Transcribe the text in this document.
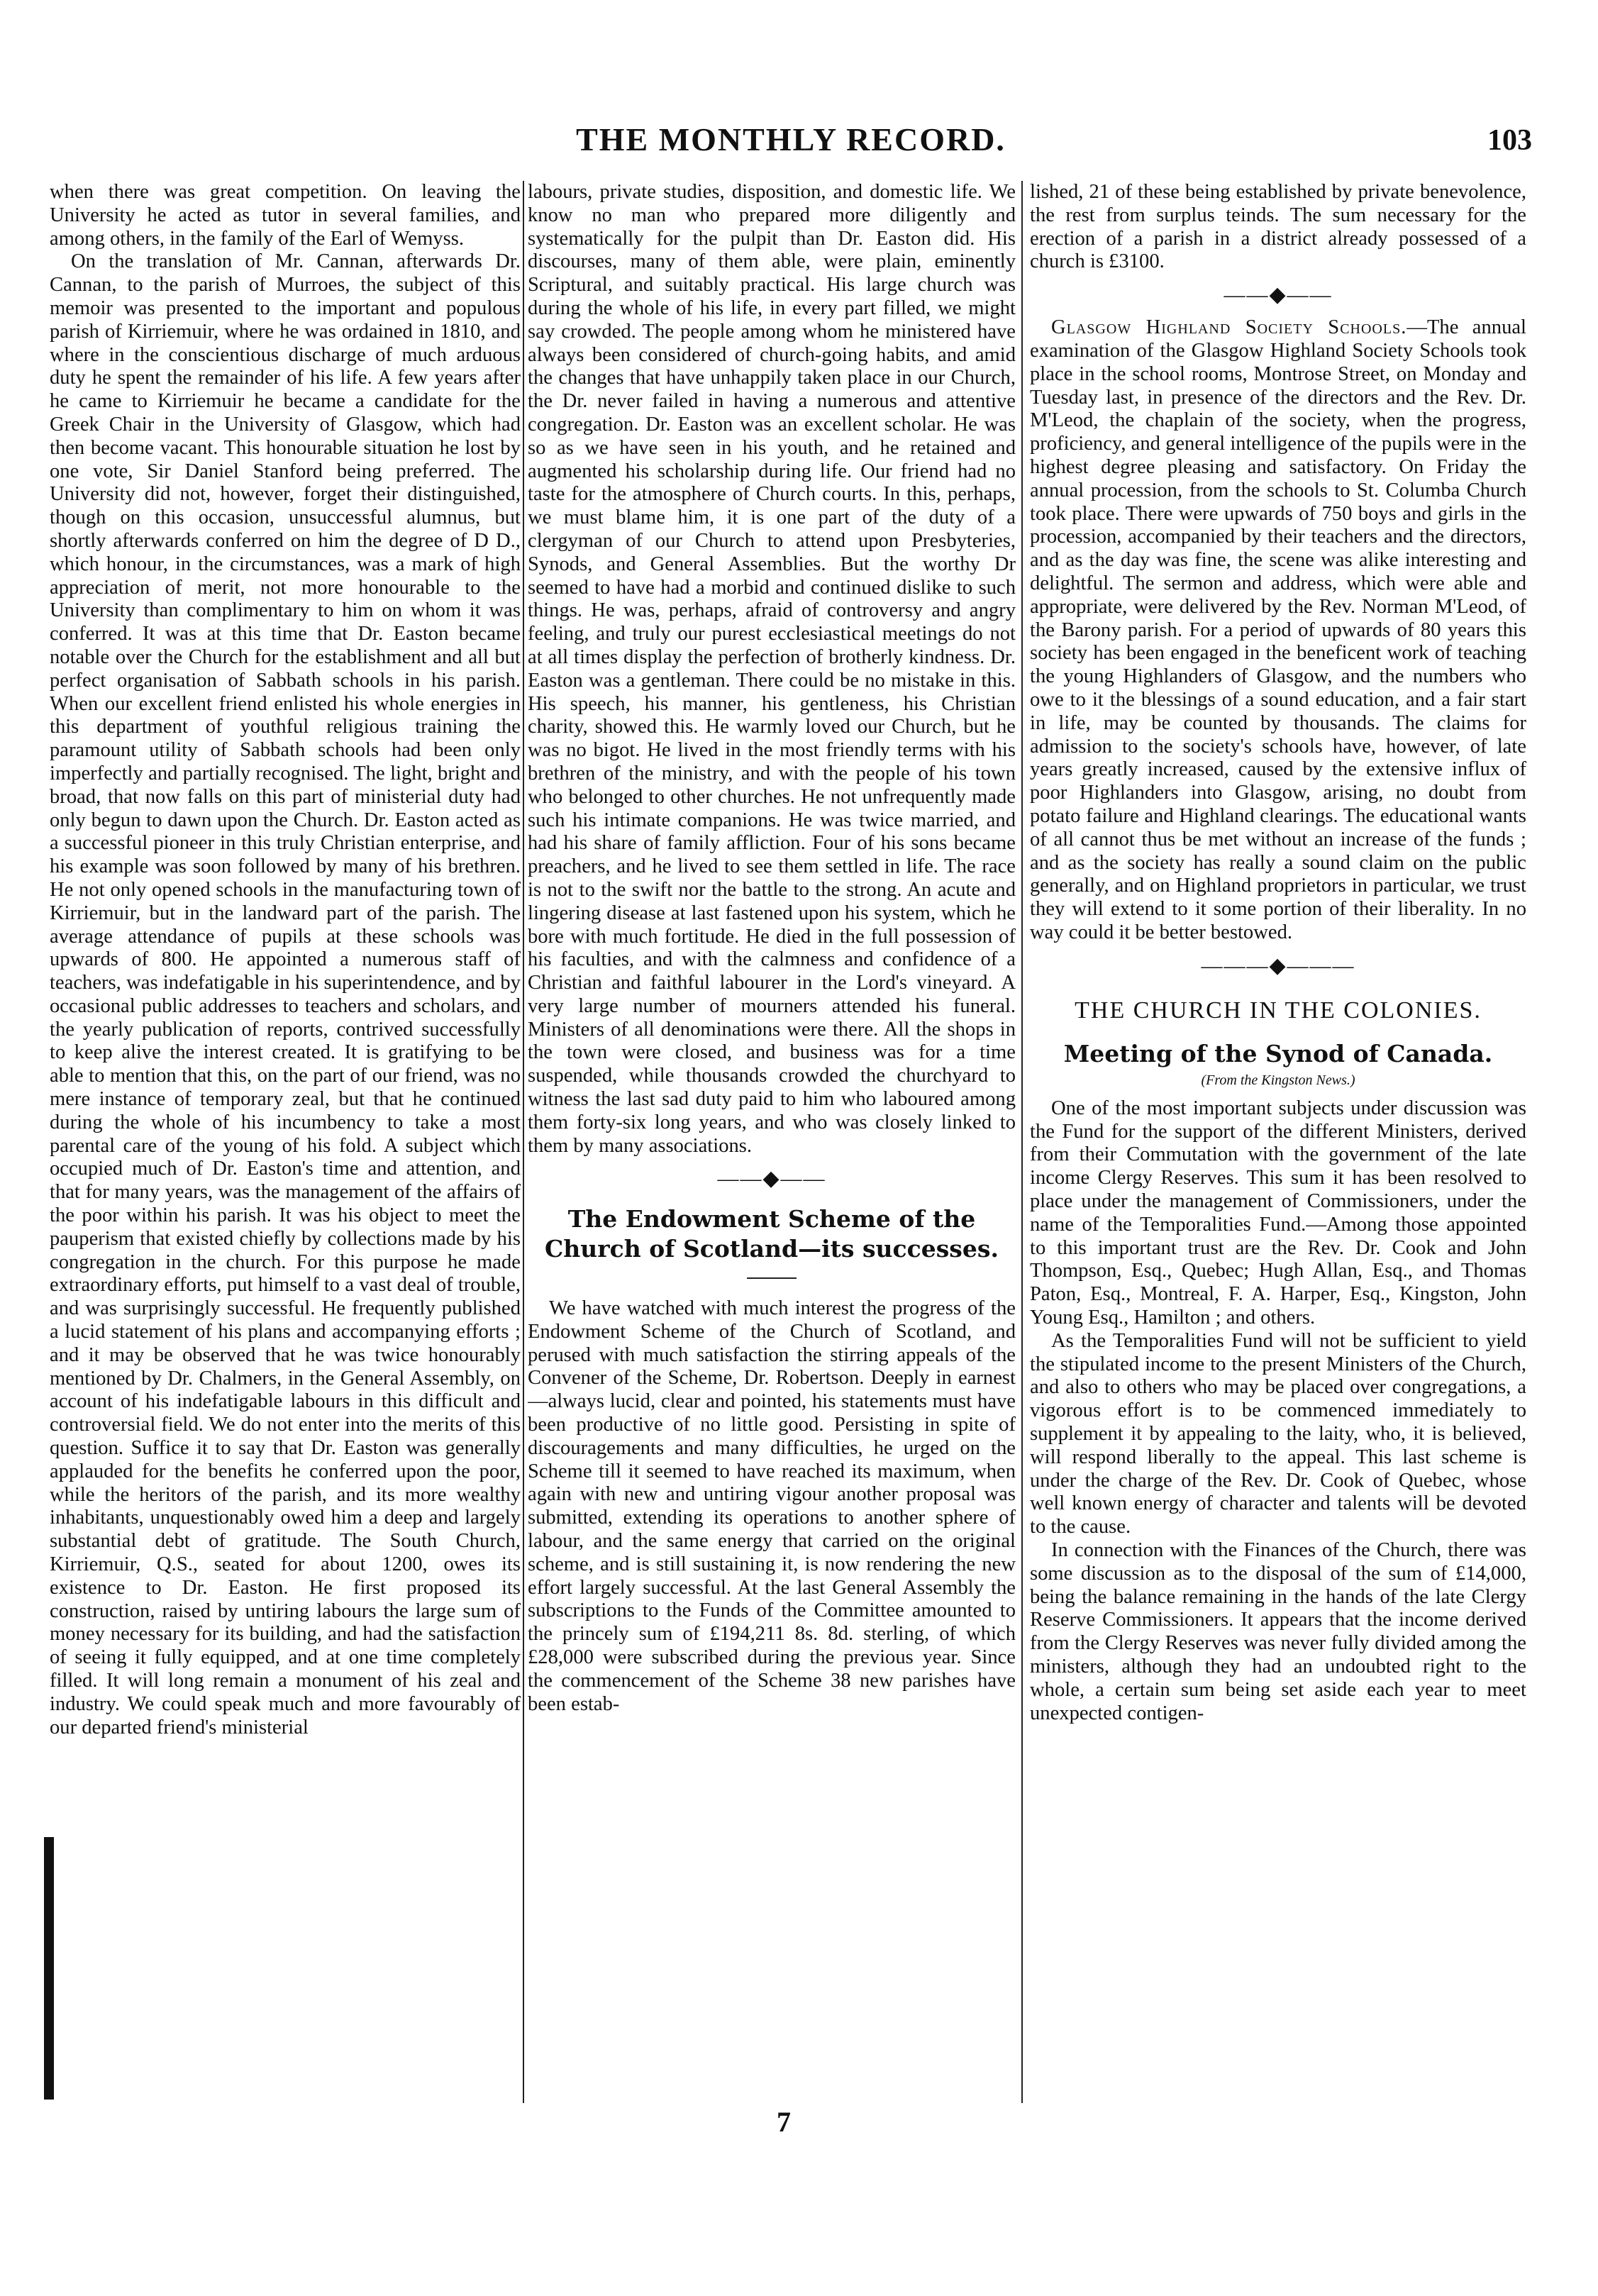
THE MONTHLY RECORD.	103

when there was great competition. On leaving the University he acted as tutor in several families, and among others, in the family of the Earl of Wemyss.

On the translation of Mr. Cannan, afterwards Dr. Cannan, to the parish of Murroes, the subject of this memoir was presented to the important and populous parish of Kirriemuir, where he was ordained in 1810, and where in the conscientious discharge of much arduous duty he spent the remainder of his life. A few years after he came to Kirriemuir he became a candidate for the Greek Chair in the University of Glasgow, which had then become vacant. This honourable situation he lost by one vote, Sir Daniel Stanford being preferred. The University did not, however, forget their distinguished, though on this occasion, unsuccessful alumnus, but shortly afterwards conferred on him the degree of D D., which honour, in the circumstances, was a mark of high appreciation of merit, not more honourable to the University than complimentary to him on whom it was conferred. It was at this time that Dr. Easton became notable over the Church for the establishment and all but perfect organisation of Sabbath schools in his parish. When our excellent friend enlisted his whole energies in this department of youthful religious training the paramount utility of Sabbath schools had been only imperfectly and partially recognised. The light, bright and broad, that now falls on this part of ministerial duty had only begun to dawn upon the Church. Dr. Easton acted as a successful pioneer in this truly Christian enterprise, and his example was soon followed by many of his brethren. He not only opened schools in the manufacturing town of Kirriemuir, but in the landward part of the parish. The average attendance of pupils at these schools was upwards of 800. He appointed a numerous staff of teachers, was indefatigable in his superintendence, and by occasional public addresses to teachers and scholars, and the yearly publication of reports, contrived successfully to keep alive the interest created. It is gratifying to be able to mention that this, on the part of our friend, was no mere instance of temporary zeal, but that he continued during the whole of his incumbency to take a most parental care of the young of his fold. A subject which occupied much of Dr. Easton's time and attention, and that for many years, was the management of the affairs of the poor within his parish. It was his object to meet the pauperism that existed chiefly by collections made by his congregation in the church. For this purpose he made extraordinary efforts, put himself to a vast deal of trouble, and was surprisingly successful. He frequently published a lucid statement of his plans and accompanying efforts ; and it may be observed that he was twice honourably mentioned by Dr. Chalmers, in the General Assembly, on account of his indefatigable labours in this difficult and controversial field. We do not enter into the merits of this question. Suffice it to say that Dr. Easton was generally applauded for the benefits he conferred upon the poor, while the heritors of the parish, and its more wealthy inhabitants, unquestionably owed him a deep and largely substantial debt of gratitude. The South Church, Kirriemuir, Q.S., seated for about 1200, owes its existence to Dr. Easton. He first proposed its construction, raised by untiring labours the large sum of money necessary for its building, and had the satisfaction of seeing it fully equipped, and at one time completely filled. It will long remain a monument of his zeal and industry. We could speak much and more favourably of our departed friend's ministerial

labours, private studies, disposition, and domestic life. We know no man who prepared more diligently and systematically for the pulpit than Dr. Easton did. His discourses, many of them able, were plain, eminently Scriptural, and suitably practical. His large church was during the whole of his life, in every part filled, we might say crowded. The people among whom he ministered have always been considered of church-going habits, and amid the changes that have unhappily taken place in our Church, the Dr. never failed in having a numerous and attentive congregation. Dr. Easton was an excellent scholar. He was so as we have seen in his youth, and he retained and augmented his scholarship during life. Our friend had no taste for the atmosphere of Church courts. In this, perhaps, we must blame him, it is one part of the duty of a clergyman of our Church to attend upon Presbyteries, Synods, and General Assemblies. But the worthy Dr seemed to have had a morbid and continued dislike to such things. He was, perhaps, afraid of controversy and angry feeling, and truly our purest ecclesiastical meetings do not at all times display the perfection of brotherly kindness. Dr. Easton was a gentleman. There could be no mistake in this. His speech, his manner, his gentleness, his Christian charity, showed this. He warmly loved our Church, but he was no bigot. He lived in the most friendly terms with his brethren of the ministry, and with the people of his town who belonged to other churches. He not unfrequently made such his intimate companions. He was twice married, and had his share of family affliction. Four of his sons became preachers, and he lived to see them settled in life. The race is not to the swift nor the battle to the strong. An acute and lingering disease at last fastened upon his system, which he bore with much fortitude. He died in the full possession of his faculties, and with the calmness and confidence of a Christian and faithful labourer in the Lord's vineyard. A very large number of mourners attended his funeral. Ministers of all denominations were there. All the shops in the town were closed, and business was for a time suspended, while thousands crowded the churchyard to witness the last sad duty paid to him who laboured among them forty-six long years, and who was closely linked to them by many associations.

——◆——
The Endowment Scheme of the Church of Scotland—its successes.

We have watched with much interest the progress of the Endowment Scheme of the Church of Scotland, and perused with much satisfaction the stirring appeals of the Convener of the Scheme, Dr. Robertson. Deeply in earnest—always lucid, clear and pointed, his statements must have been productive of no little good. Persisting in spite of discouragements and many difficulties, he urged on the Scheme till it seemed to have reached its maximum, when again with new and untiring vigour another proposal was submitted, extending its operations to another sphere of labour, and the same energy that carried on the original scheme, and is still sustaining it, is now rendering the new effort largely successful. At the last General Assembly the subscriptions to the Funds of the Committee amounted to the princely sum of £194,211 8s. 8d. sterling, of which £28,000 were subscribed during the previous year. Since the commencement of the Scheme 38 new parishes have been estab-

lished, 21 of these being established by private benevolence, the rest from surplus teinds. The sum necessary for the erection of a parish in a district already possessed of a church is £3100.

——◆——

Glasgow Highland Society Schools.—The annual examination of the Glasgow Highland Society Schools took place in the school rooms, Montrose Street, on Monday and Tuesday last, in presence of the directors and the Rev. Dr. M'Leod, the chaplain of the society, when the progress, proficiency, and general intelligence of the pupils were in the highest degree pleasing and satisfactory. On Friday the annual procession, from the schools to St. Columba Church took place. There were upwards of 750 boys and girls in the procession, accompanied by their teachers and the directors, and as the day was fine, the scene was alike interesting and delightful. The sermon and address, which were able and appropriate, were delivered by the Rev. Norman M'Leod, of the Barony parish. For a period of upwards of 80 years this society has been engaged in the beneficent work of teaching the young Highlanders of Glasgow, and the numbers who owe to it the blessings of a sound education, and a fair start in life, may be counted by thousands. The claims for admission to the society's schools have, however, of late years greatly increased, caused by the extensive influx of poor Highlanders into Glasgow, arising, no doubt from potato failure and Highland clearings. The educational wants of all cannot thus be met without an increase of the funds ; and as the society has really a sound claim on the public generally, and on Highland proprietors in particular, we trust they will extend to it some portion of their liberality. In no way could it be better bestowed.

———◆———
THE CHURCH IN THE COLONIES.
Meeting of the Synod of Canada.
(From the Kingston News.)

One of the most important subjects under discussion was the Fund for the support of the different Ministers, derived from their Commutation with the government of the late income Clergy Reserves. This sum it has been resolved to place under the management of Commissioners, under the name of the Temporalities Fund.—Among those appointed to this important trust are the Rev. Dr. Cook and John Thompson, Esq., Quebec; Hugh Allan, Esq., and Thomas Paton, Esq., Montreal, F. A. Harper, Esq., Kingston, John Young Esq., Hamilton ; and others.

As the Temporalities Fund will not be sufficient to yield the stipulated income to the present Ministers of the Church, and also to others who may be placed over congregations, a vigorous effort is to be commenced immediately to supplement it by appealing to the laity, who, it is believed, will respond liberally to the appeal. This last scheme is under the charge of the Rev. Dr. Cook of Quebec, whose well known energy of character and talents will be devoted to the cause.

In connection with the Finances of the Church, there was some discussion as to the disposal of the sum of £14,000, being the balance remaining in the hands of the late Clergy Reserve Commissioners. It appears that the income derived from the Clergy Reserves was never fully divided among the ministers, although they had an undoubted right to the whole, a certain sum being set aside each year to meet unexpected contigen-

7
